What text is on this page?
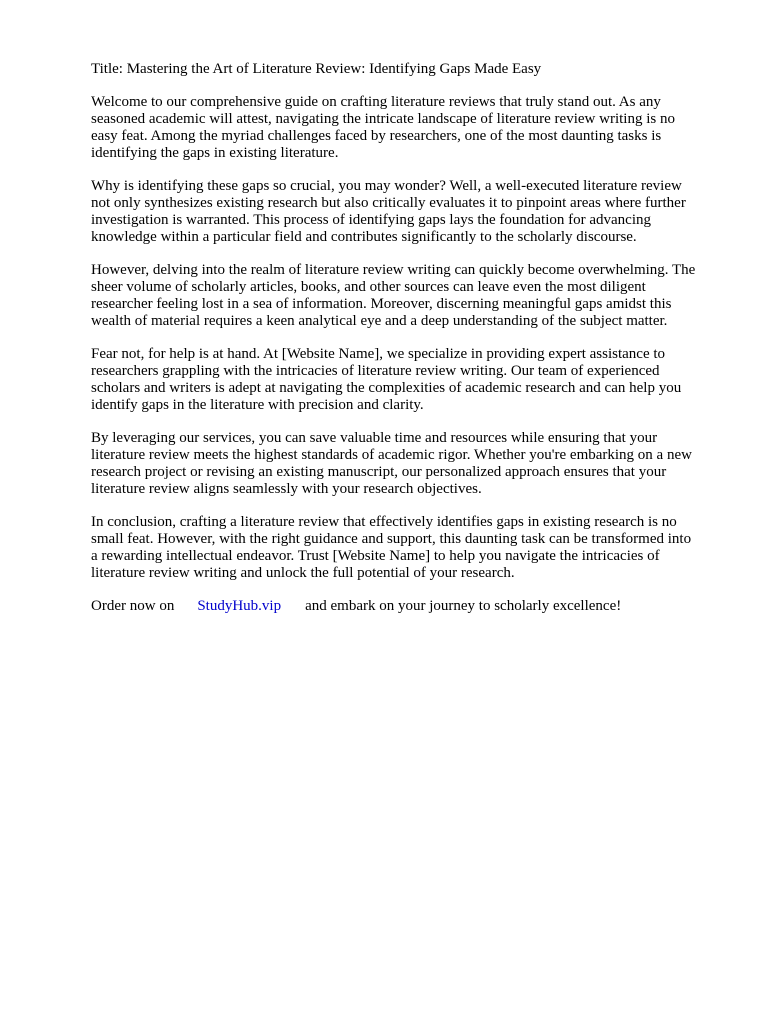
Title: Mastering the Art of Literature Review: Identifying Gaps Made Easy

Welcome to our comprehensive guide on crafting literature reviews that truly stand out. As any
seasoned academic will attest, navigating the intricate landscape of literature review writing is no
easy feat. Among the myriad challenges faced by researchers, one of the most daunting tasks is
identifying the gaps in existing literature.
Why is identifying these gaps so crucial, you may wonder? Well, a well-executed literature review
not only synthesizes existing research but also critically evaluates it to pinpoint areas where further
investigation is warranted. This process of identifying gaps lays the foundation for advancing
knowledge within a particular field and contributes significantly to the scholarly discourse.
However, delving into the realm of literature review writing can quickly become overwhelming. The
sheer volume of scholarly articles, books, and other sources can leave even the most diligent
researcher feeling lost in a sea of information. Moreover, discerning meaningful gaps amidst this
wealth of material requires a keen analytical eye and a deep understanding of the subject matter.
Fear not, for help is at hand. At [Website Name], we specialize in providing expert assistance to
researchers grappling with the intricacies of literature review writing. Our team of experienced
scholars and writers is adept at navigating the complexities of academic research and can help you
identify gaps in the literature with precision and clarity.
By leveraging our services, you can save valuable time and resources while ensuring that your
literature review meets the highest standards of academic rigor. Whether you're embarking on a new
research project or revising an existing manuscript, our personalized approach ensures that your
literature review aligns seamlessly with your research objectives.
In conclusion, crafting a literature review that effectively identifies gaps in existing research is no
small feat. However, with the right guidance and support, this daunting task can be transformed into
a rewarding intellectual endeavor. Trust [Website Name] to help you navigate the intricacies of
literature review writing and unlock the full potential of your research.

Order now on StudyHub.vip and embark on your journey to scholarly excellence!
